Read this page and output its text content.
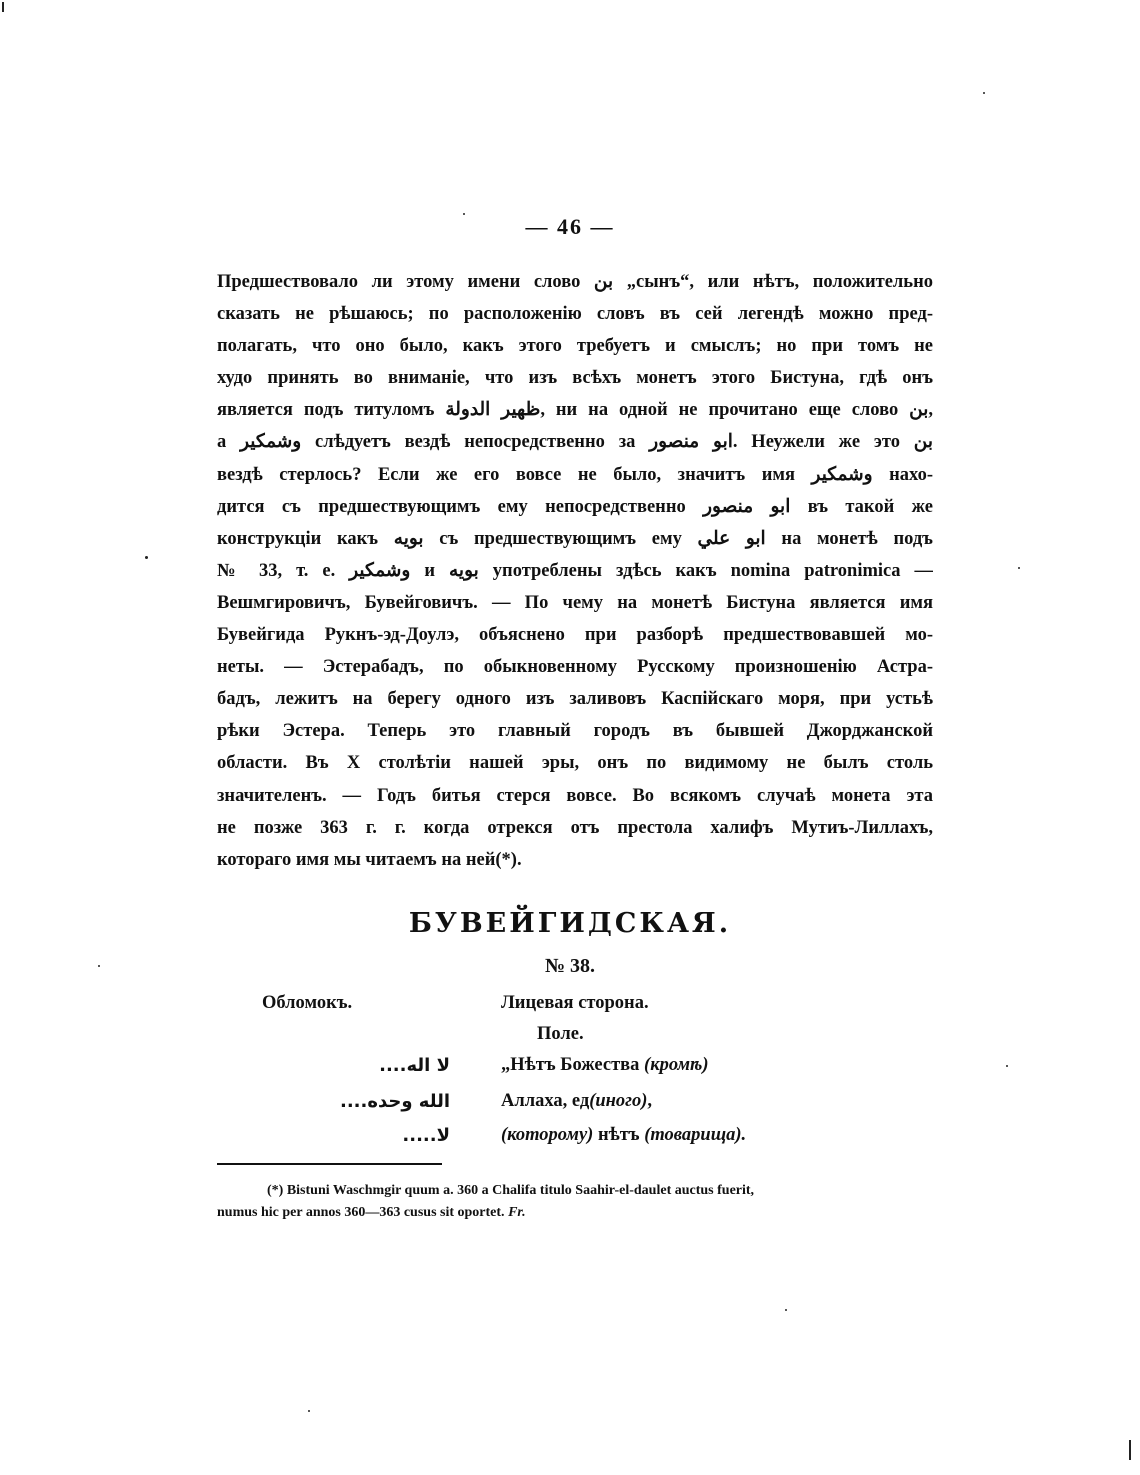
— 46 —
Предшествовало ли этому имени слово بن „сынъ“, или нѣтъ, положительно
сказать не рѣшаюсь; по расположенію словъ въ сей легендѣ можно пред-
полагать, что оно было, какъ этого требуетъ и смыслъ; но при томъ не
худо принять во вниманіе, что изъ всѣхъ монетъ этого Бистуна, гдѣ онъ
является подъ титуломъ ظهير الدولة, ни на одной не прочитано еще слово بن,
а وشمكير слѣдуетъ вездѣ непосредственно за ابو منصور. Неужели же это بن
вездѣ стерлось? Если же его вовсе не было, значитъ имя وشمكير нахо-
дится съ предшествующимъ ему непосредственно ابو منصور въ такой же
конструкціи какъ بويه съ предшествующимъ ему ابو علي на монетѣ подъ
№ 33, т. е. وشمكير и بويه употреблены здѣсь какъ nomina patronimica —
Вешмгировичъ, Бувейговичъ. — По чему на монетѣ Бистуна является имя
Бувейгида Рукнъ-эд-Доулэ, объяснено при разборѣ предшествовавшей мо-
неты. — Эстерабадъ, по обыкновенному Русскому произношенію Астра-
бадъ, лежитъ на берегу одного изъ заливовъ Каспійскаго моря, при устьѣ
рѣки Эстера. Теперь это главный городъ въ бывшей Джорджанской
области. Въ X столѣтіи нашей эры, онъ по видимому не былъ столь
значителенъ. — Годъ битья стерся вовсе. Во всякомъ случаѣ монета эта
не позже 363 г. г. когда отрекся отъ престола халифъ Мутиъ-Лиллахъ,
котораго имя мы читаемъ на ней(*).
БУВЕЙГИДСКАЯ.
№ 38.
Обломокъ.	Лицевая сторона.
Поле.
لا اله....	„Нѣтъ Божества (кромѣ)
الله وحده....	Аллаха, ед(иного),
لا.....	(которому) нѣтъ (товарища).
(*) Bistuni Waschmgir quum a. 360 a Chalifa titulo Saahir-el-daulet auctus fuerit,
numus hic per annos 360—363 cusus sit oportet. Fr.
